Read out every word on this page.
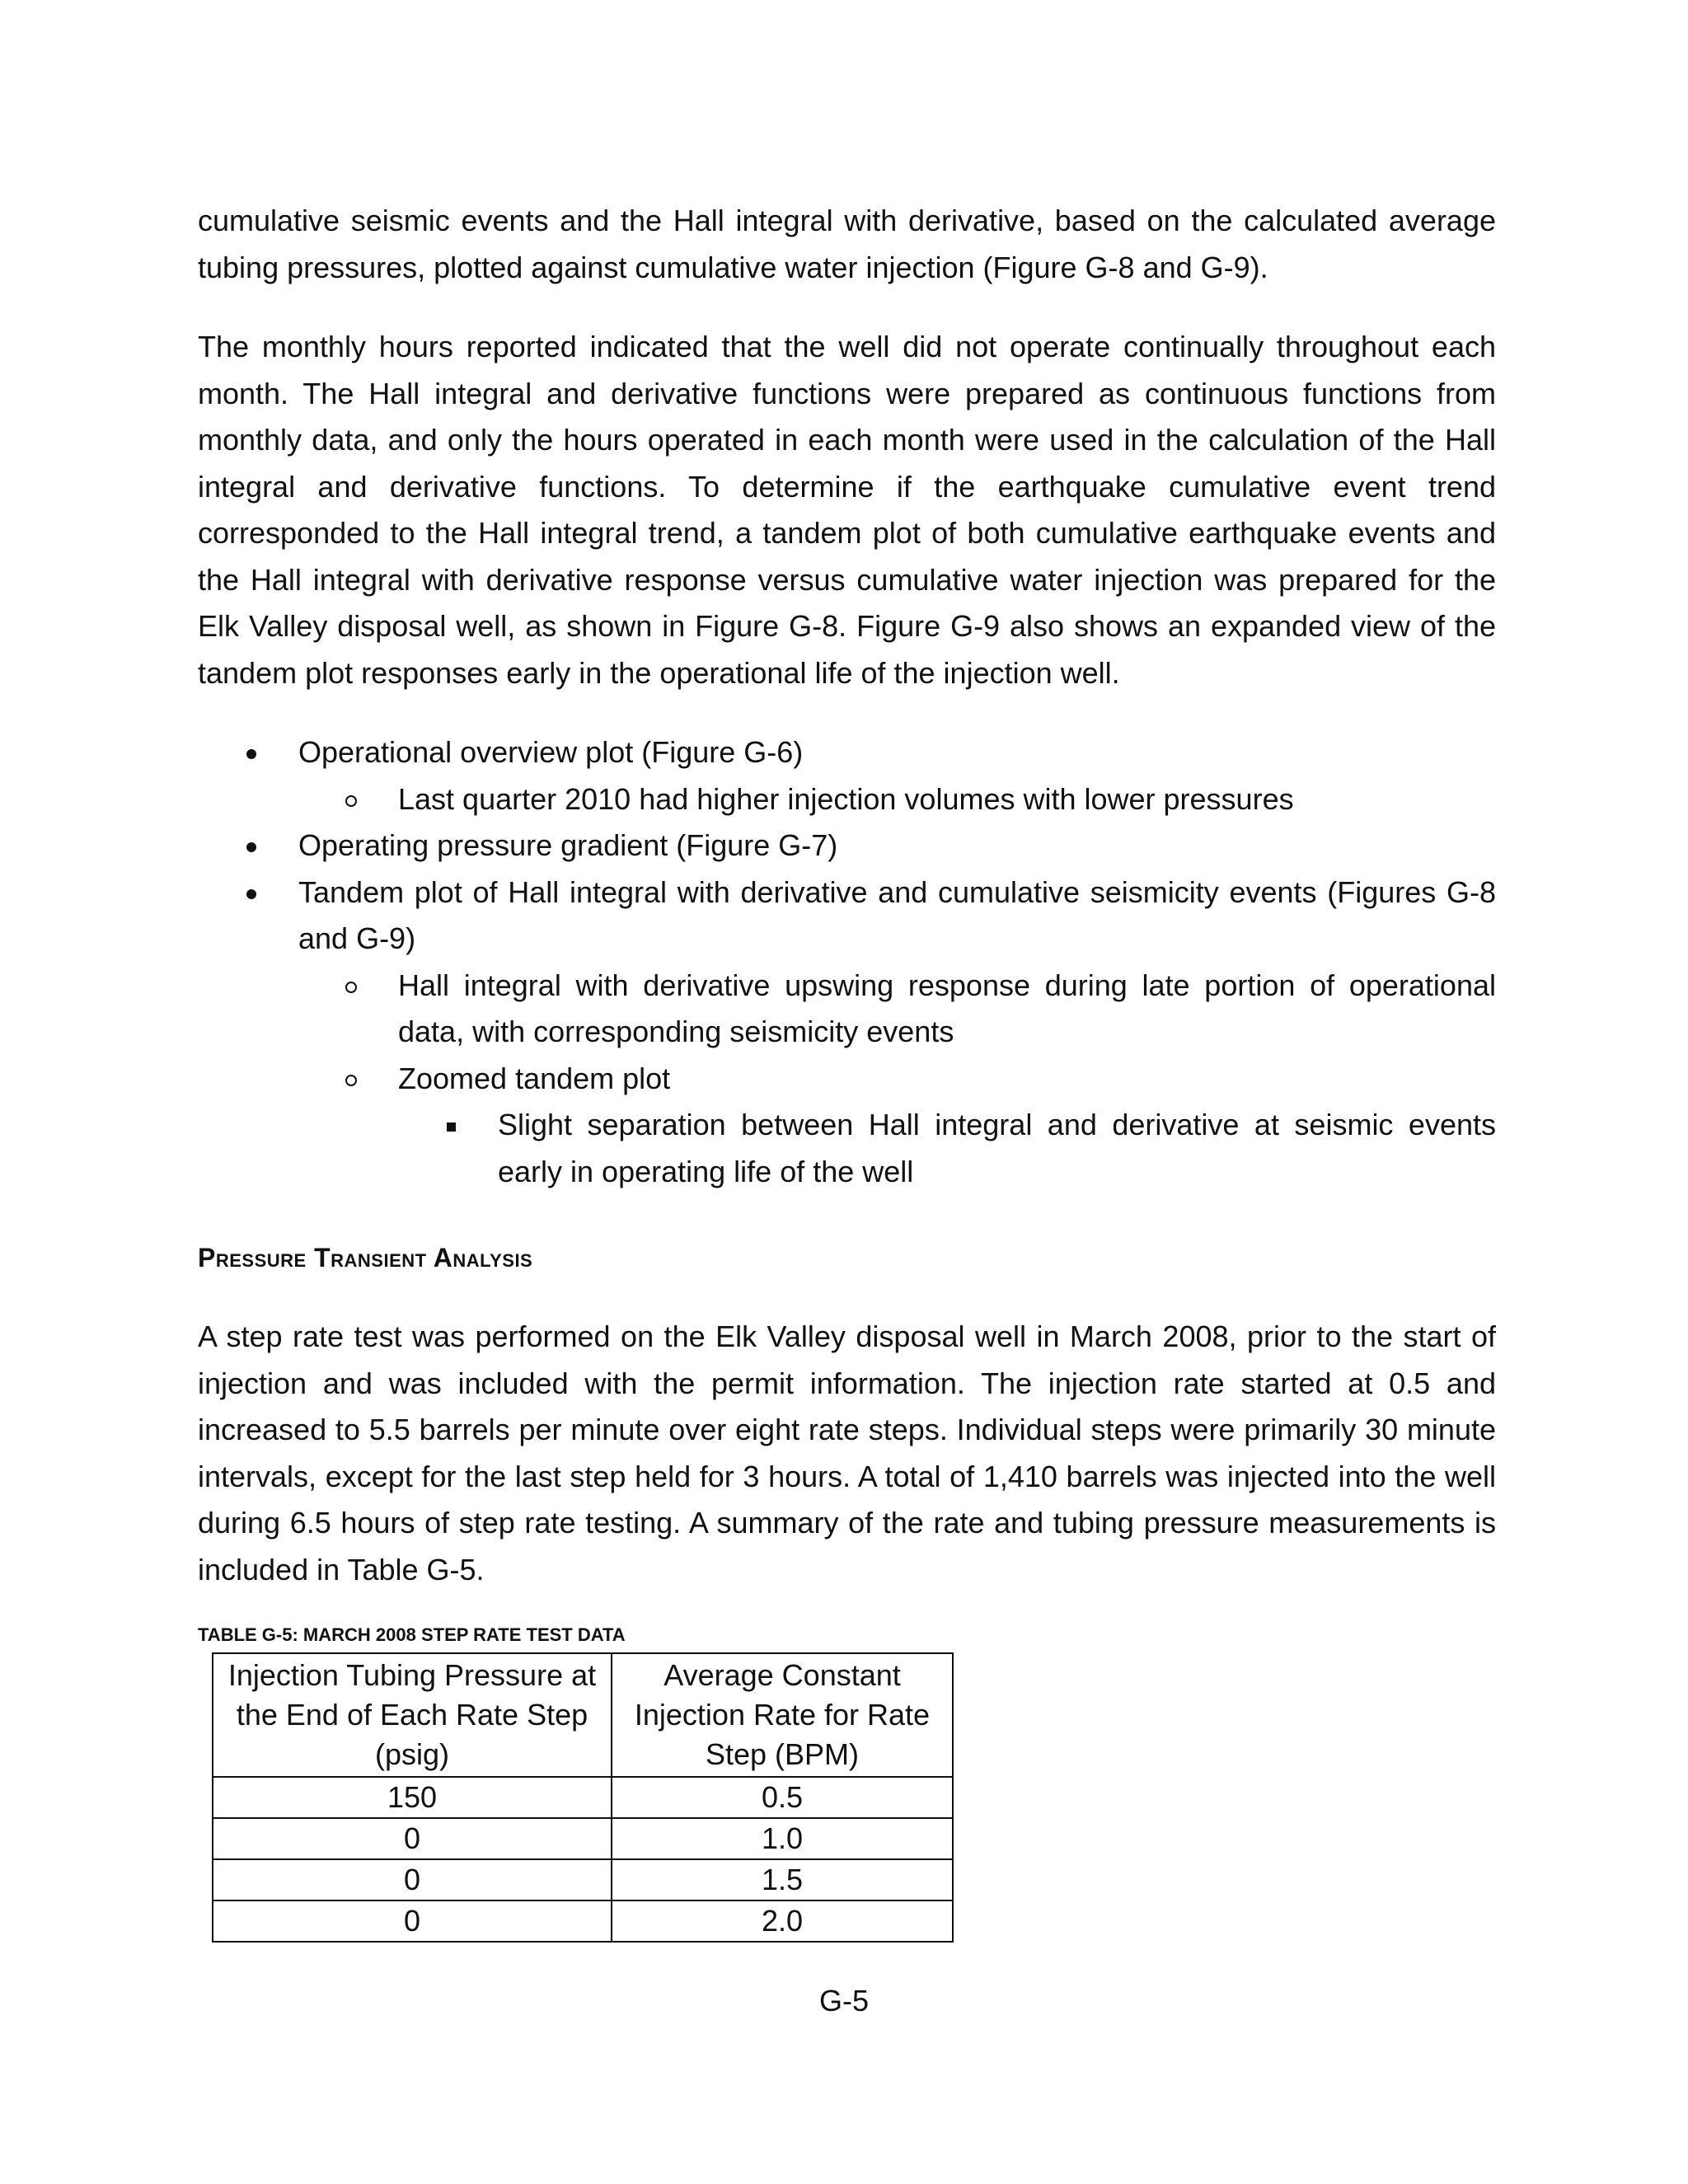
cumulative seismic events and the Hall integral with derivative, based on the calculated average tubing pressures, plotted against cumulative water injection (Figure G-8 and G-9).

The monthly hours reported indicated that the well did not operate continually throughout each month. The Hall integral and derivative functions were prepared as continuous functions from monthly data, and only the hours operated in each month were used in the calculation of the Hall integral and derivative functions. To determine if the earthquake cumulative event trend corresponded to the Hall integral trend, a tandem plot of both cumulative earthquake events and the Hall integral with derivative response versus cumulative water injection was prepared for the Elk Valley disposal well, as shown in Figure G-8. Figure G-9 also shows an expanded view of the tandem plot responses early in the operational life of the injection well.

Operational overview plot (Figure G-6)
Last quarter 2010 had higher injection volumes with lower pressures
Operating pressure gradient (Figure G-7)
Tandem plot of Hall integral with derivative and cumulative seismicity events (Figures G-8 and G-9)
Hall integral with derivative upswing response during late portion of operational data, with corresponding seismicity events
Zoomed tandem plot
Slight separation between Hall integral and derivative at seismic events early in operating life of the well
Pressure Transient Analysis

A step rate test was performed on the Elk Valley disposal well in March 2008, prior to the start of injection and was included with the permit information. The injection rate started at 0.5 and increased to 5.5 barrels per minute over eight rate steps. Individual steps were primarily 30 minute intervals, except for the last step held for 3 hours. A total of 1,410 barrels was injected into the well during 6.5 hours of step rate testing. A summary of the rate and tubing pressure measurements is included in Table G-5.

TABLE G-5: MARCH 2008 STEP RATE TEST DATA
Injection Tubing Pressure at the End of Each Rate Step (psig)	Average Constant Injection Rate for Rate Step (BPM)
150	0.5
0	1.0
0	1.5
0	2.0
G-5
